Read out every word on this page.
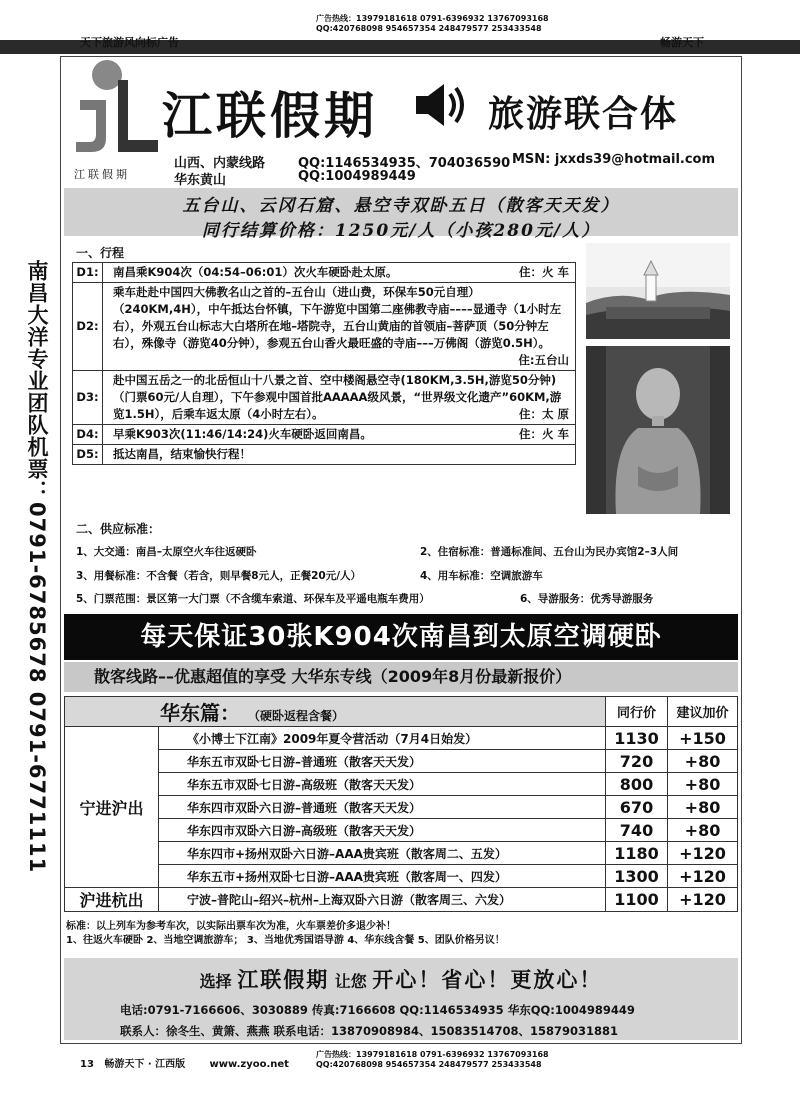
天下旅游风向标广告
广告热线：13979181618 0791-6396932 13767093168
QQ:420768098 954657354 248479577 253433548
畅游天下
江联假期
江联假期	旅游联合体
山西、内蒙线路
华东黄山
QQ:1146534935、704036590
QQ:1004989449
MSN: jxxds39@hotmail.com
五台山、云冈石窟、悬空寺双卧五日（散客天天发）
同行结算价格：1250元/人（小孩280元/人）
一、行程
D1:	南昌乘K904次（04:54–06:01）次火车硬卧赴太原。 住：火 车

D2:	乘车赴赴中国四大佛教名山之首的–五台山（进山费，环保车50元自理）（240KM,4H），中午抵达台怀镇，下午游览中国第二座佛教寺庙––––显通寺（1小时左右），外观五台山标志大白塔所在地–塔院寺，五台山黄庙的首领庙–菩萨顶（50分钟左右），殊像寺（游览40分钟），参观五台山香火最旺盛的寺庙–––万佛阁（游览0.5H）。
住:五台山

D3:	赴中国五岳之一的北岳恒山十八景之首、空中楼阁悬空寺(180KM,3.5H,游览50分钟)（门票60元/人自理），下午参观中国首批AAAAA级风景，“世界级文化遗产”60KM,游览1.5H），后乘车返太原（4小时左右）。 住：太 原

D4:	早乘K903次(11:46/14:24)火车硬卧返回南昌。 住：火 车

D5:	抵达南昌，结束愉快行程！
二、供应标准：
1、大交通：南昌–太原空火车往返硬卧	2、住宿标准：普通标准间、五台山为民办宾馆2–3人间
3、用餐标准：不含餐（若含，则早餐8元人，正餐20元/人）	4、用车标准：空调旅游车
5、门票范围：景区第一大门票（不含缆车索道、环保车及平遥电瓶车费用）	6、导游服务：优秀导游服务
每天保证30张K904次南昌到太原空调硬卧
散客线路––优惠超值的享受 大华东专线（2009年8月份最新报价）
华东篇： （硬卧返程含餐）		同行价	建议加价
宁进沪出	《小博士下江南》2009年夏令营活动（7月4日始发）	1130	+150
	华东五市双卧七日游–普通班（散客天天发）	720	+80
	华东五市双卧七日游–高级班（散客天天发）	800	+80
	华东四市双卧六日游–普通班（散客天天发）	670	+80
	华东四市双卧六日游–高级班（散客天天发）	740	+80
	华东四市+扬州双卧六日游–AAA贵宾班（散客周二、五发）	1180	+120
	华东五市+扬州双卧七日游–AAA贵宾班（散客周一、四发）	1300	+120
沪进杭出	宁波–普陀山–绍兴–杭州–上海双卧六日游（散客周三、六发）	1100	+120
标准：以上列车为参考车次，以实际出票车次为准，火车票差价多退少补！
1、往返火车硬卧 2、当地空调旅游车； 3、当地优秀国语导游 4、华东线含餐 5、团队价格另议！
选择 江联假期 让您 开心！省心！更放心！
电话:0791-7166606、3030889 传真:7166608 QQ:1146534935 华东QQ:1004989449
联系人：徐冬生、黄箫、燕燕 联系电话：13870908984、15083514708、15879031881
13 畅游天下 · 江西版 www.zyoo.net
广告热线：13979181618 0791-6396932 13767093168
QQ:420768098 954657354 248479577 253433548
南昌大洋专业团队机票：0791-6785678 0791-6771111
